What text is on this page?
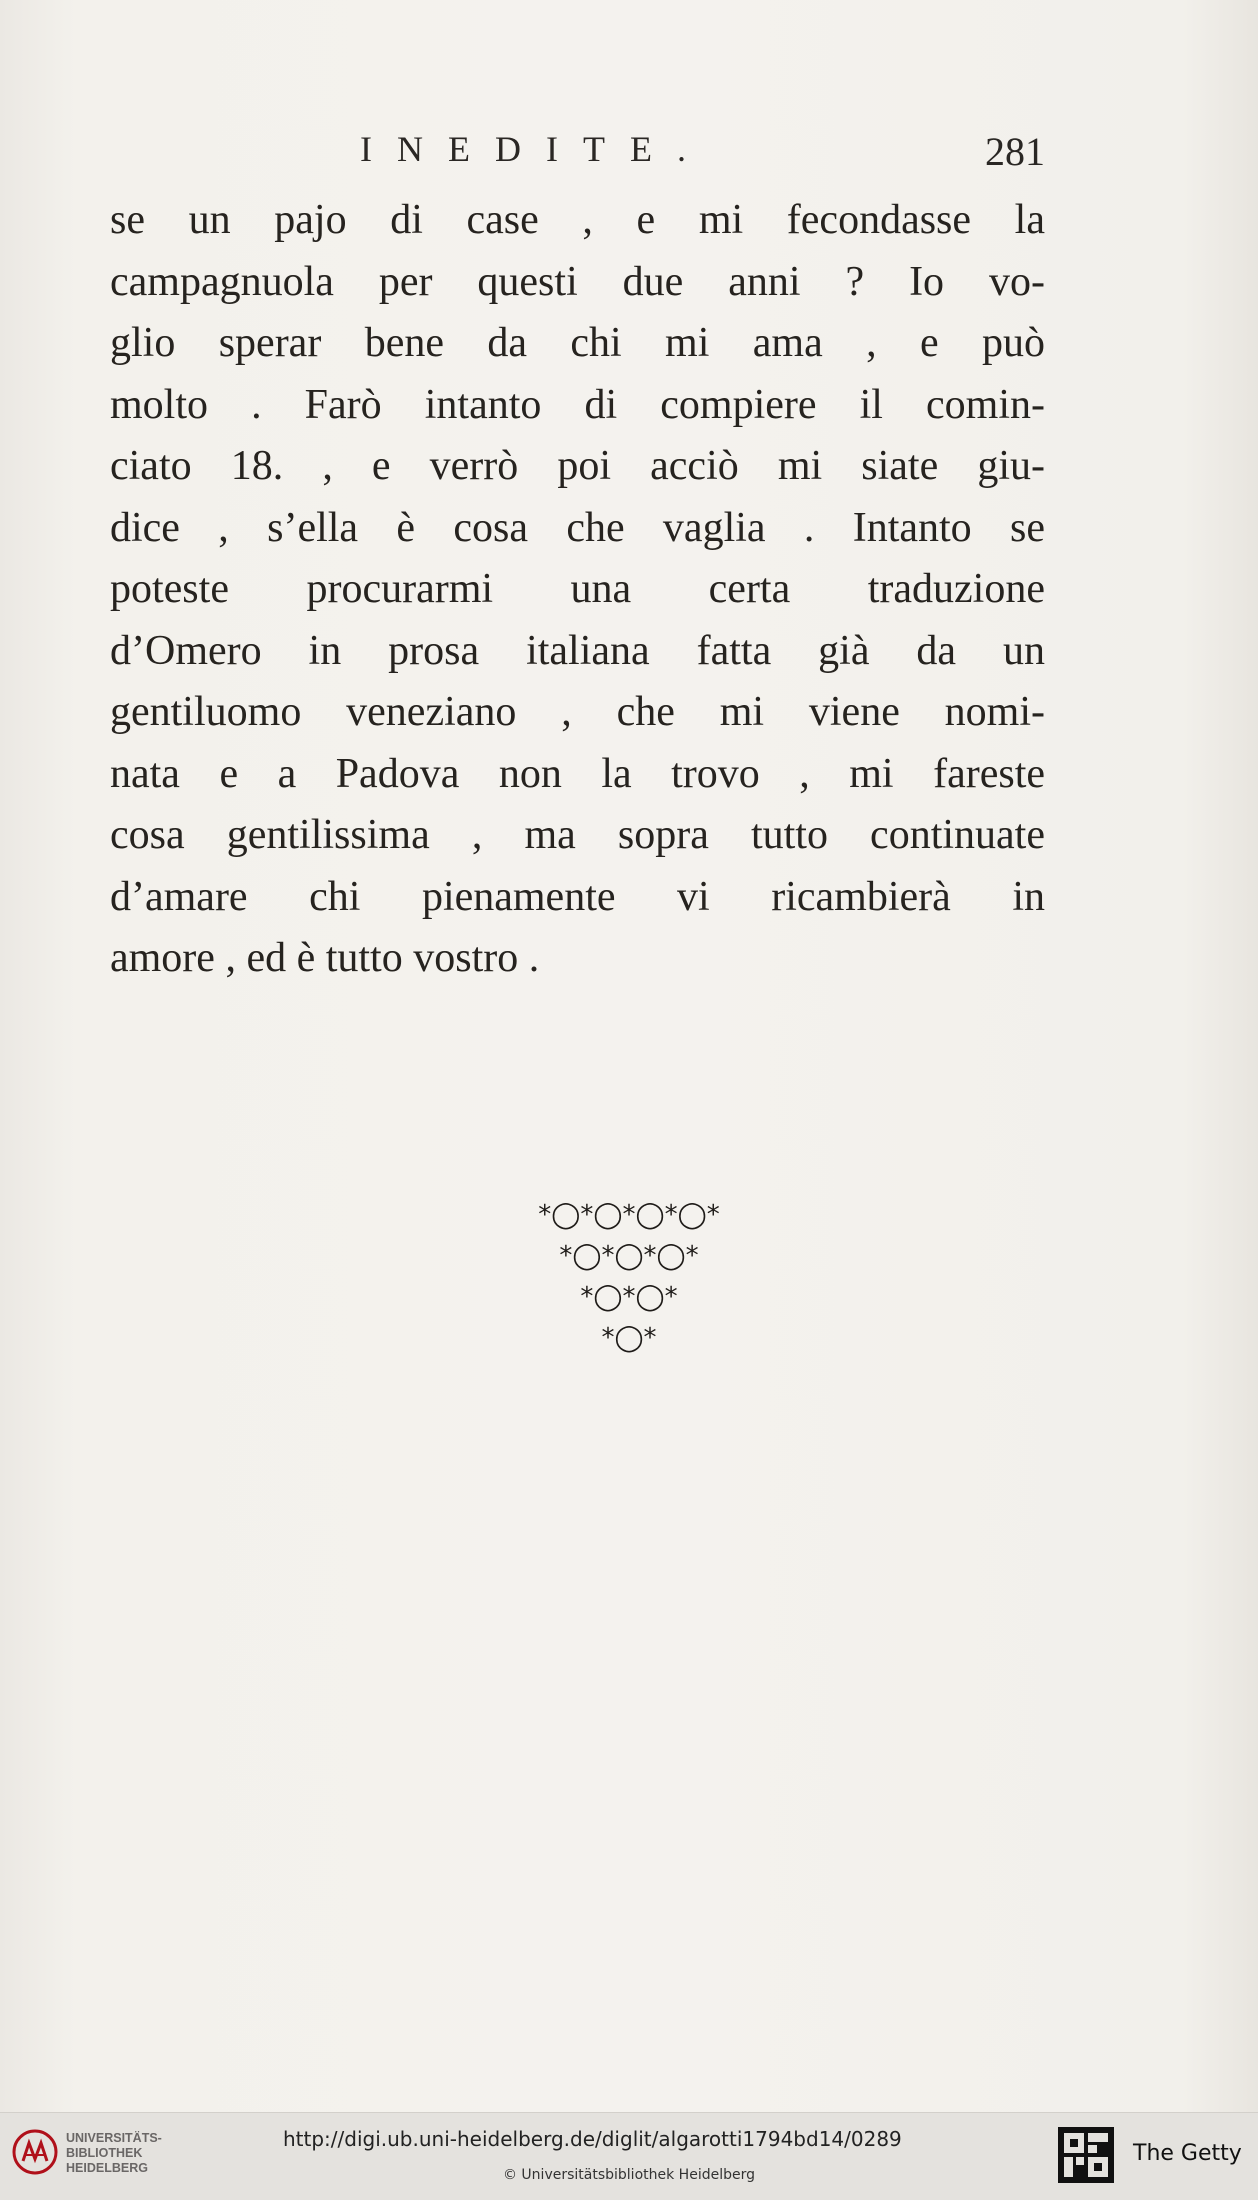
INEDITE.	281
se un pajo di case , e mi fecondasse la
campagnuola per questi due anni ? Io vo-
glio sperar bene da chi mi ama , e può
molto . Farò intanto di compiere il comin-
ciato 18. , e verrò poi acciò mi siate giu-
dice , s’ella è cosa che vaglia . Intanto se
poteste procurarmi una certa traduzione
d’Omero in prosa italiana fatta già da un
gentiluomo veneziano , che mi viene nomi-
nata e a Padova non la trovo , mi fareste
cosa gentilissima , ma sopra tutto continuate
d’amare chi pienamente vi ricambierà in
amore , ed è tutto vostro .
*◯*◯*◯*◯*
*◯*◯*◯*
*◯*◯*
*◯*
UNIVERSITÄTS-
BIBLIOTHEK
HEIDELBERG
http://digi.ub.uni-heidelberg.de/diglit/algarotti1794bd14/0289
© Universitätsbibliothek Heidelberg
The Getty
